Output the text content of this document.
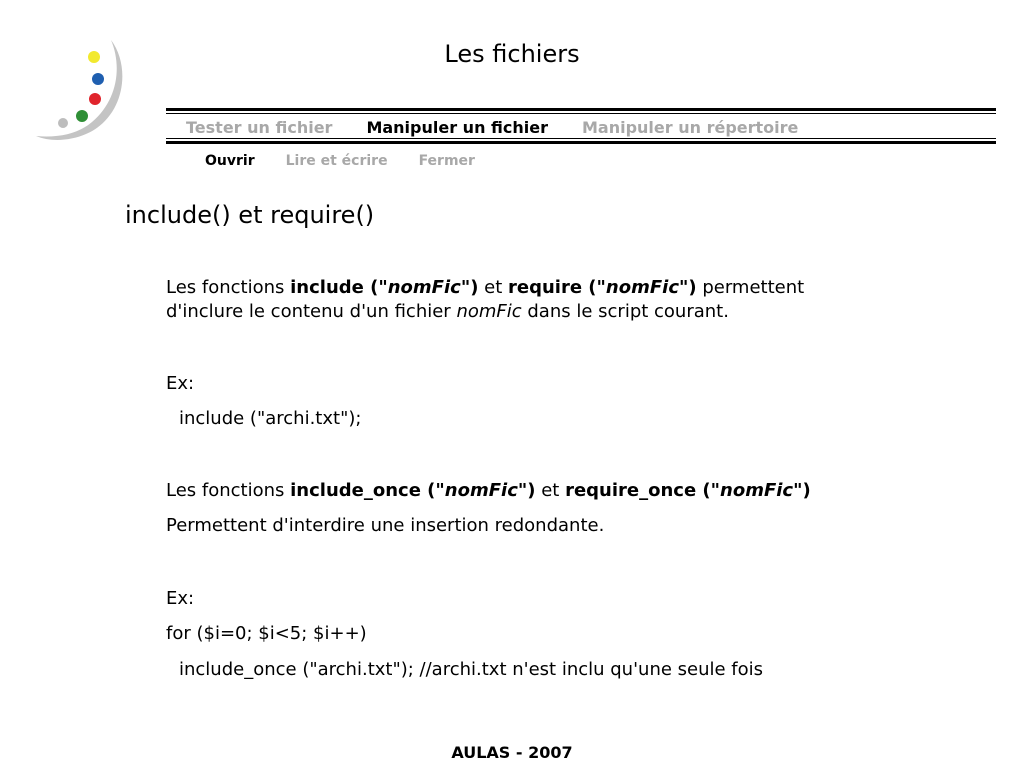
Les fichiers
Tester un fichier Manipuler un fichier Manipuler un répertoire
Ouvrir Lire et écrire Fermer
include() et require()
Les fonctions include ("nomFic") et require ("nomFic") permettent
d'inclure le contenu d'un fichier nomFic dans le script courant.
Ex:
include ("archi.txt");
Les fonctions include_once ("nomFic") et require_once ("nomFic")
Permettent d'interdire une insertion redondante.
Ex:
for ($i=0; $i<5; $i++)
include_once ("archi.txt"); //archi.txt n'est inclu qu'une seule fois
AULAS - 2007
